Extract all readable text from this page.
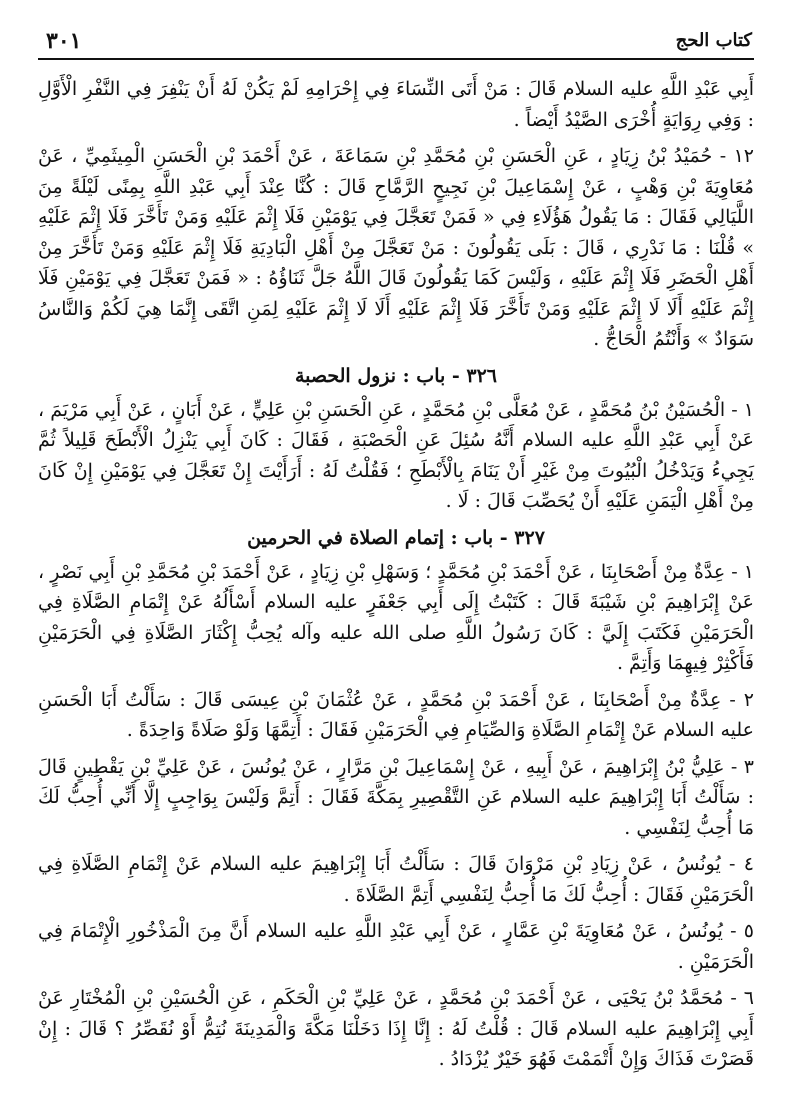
كتاب الحج
٣٠١

أَبِي عَبْدِ اللَّهِ عليه السلام قَالَ : مَنْ أَتَى النِّسَاءَ فِي إِحْرَامِهِ لَمْ يَكُنْ لَهُ أَنْ يَنْفِرَ فِي النَّفْرِ الْأَوَّلِ : وَفِي رِوَايَةٍ أُخْرَى الصَّيْدُ أَيْضاً .

١٢ - حُمَيْدُ بْنُ زِيَادٍ ، عَنِ الْحَسَنِ بْنِ مُحَمَّدِ بْنِ سَمَاعَةَ ، عَنْ أَحْمَدَ بْنِ الْحَسَنِ الْمِيثَمِيِّ ، عَنْ مُعَاوِيَةَ بْنِ وَهْبٍ ، عَنْ إِسْمَاعِيلَ بْنِ نَجِيحٍ الرَّمَّاحِ قَالَ : كُنَّا عِنْدَ أَبِي عَبْدِ اللَّهِ بِمِنًى لَيْلَةً مِنَ اللَّيَالِي فَقَالَ : مَا يَقُولُ هَؤُلَاءِ فِي « فَمَنْ تَعَجَّلَ فِي يَوْمَيْنِ فَلَا إِثْمَ عَلَيْهِ وَمَنْ تَأَخَّرَ فَلَا إِثْمَ عَلَيْهِ » قُلْنَا : مَا نَدْرِي ، قَالَ : بَلَى يَقُولُونَ : مَنْ تَعَجَّلَ مِنْ أَهْلِ الْبَادِيَةِ فَلَا إِثْمَ عَلَيْهِ وَمَنْ تَأَخَّرَ مِنْ أَهْلِ الْحَضَرِ فَلَا إِثْمَ عَلَيْهِ ، وَلَيْسَ كَمَا يَقُولُونَ قَالَ اللَّهُ جَلَّ ثَنَاؤُهُ : « فَمَنْ تَعَجَّلَ فِي يَوْمَيْنِ فَلَا إِثْمَ عَلَيْهِ أَلَا لَا إِثْمَ عَلَيْهِ وَمَنْ تَأَخَّرَ فَلَا إِثْمَ عَلَيْهِ أَلَا لَا إِثْمَ عَلَيْهِ لِمَنِ اتَّقَى إِنَّمَا هِيَ لَكُمْ وَالنَّاسُ سَوَادٌ » وَأَنْتُمُ الْحَاجُّ .

٣٢٦ - باب : نزول الحصبة

١ - الْحُسَيْنُ بْنُ مُحَمَّدٍ ، عَنْ مُعَلَّى بْنِ مُحَمَّدٍ ، عَنِ الْحَسَنِ بْنِ عَلِيٍّ ، عَنْ أَبَانٍ ، عَنْ أَبِي مَرْيَمَ ، عَنْ أَبِي عَبْدِ اللَّهِ عليه السلام أَنَّهُ سُئِلَ عَنِ الْحَصْبَةِ ، فَقَالَ : كَانَ أَبِي يَنْزِلُ الْأَبْطَحَ قَلِيلاً ثُمَّ يَجِيءُ وَيَدْخُلُ الْبُيُوتَ مِنْ غَيْرِ أَنْ يَنَامَ بِالْأَبْطَحِ ؛ فَقُلْتُ لَهُ : أَرَأَيْتَ إِنْ تَعَجَّلَ فِي يَوْمَيْنِ إِنْ كَانَ مِنْ أَهْلِ الْيَمَنِ عَلَيْهِ أَنْ يُحَصِّبَ قَالَ : لَا .

٣٢٧ - باب : إتمام الصلاة في الحرمين

١ - عِدَّةٌ مِنْ أَصْحَابِنَا ، عَنْ أَحْمَدَ بْنِ مُحَمَّدٍ ؛ وَسَهْلِ بْنِ زِيَادٍ ، عَنْ أَحْمَدَ بْنِ مُحَمَّدِ بْنِ أَبِي نَصْرٍ ، عَنْ إِبْرَاهِيمَ بْنِ شَيْبَةَ قَالَ : كَتَبْتُ إِلَى أَبِي جَعْفَرٍ عليه السلام أَسْأَلُهُ عَنْ إِتْمَامِ الصَّلَاةِ فِي الْحَرَمَيْنِ فَكَتَبَ إِلَيَّ : كَانَ رَسُولُ اللَّهِ صلى الله عليه وآله يُحِبُّ إِكْثَارَ الصَّلَاةِ فِي الْحَرَمَيْنِ فَأَكْثِرْ فِيهِمَا وَأَتِمَّ .

٢ - عِدَّةٌ مِنْ أَصْحَابِنَا ، عَنْ أَحْمَدَ بْنِ مُحَمَّدٍ ، عَنْ عُثْمَانَ بْنِ عِيسَى قَالَ : سَأَلْتُ أَبَا الْحَسَنِ عليه السلام عَنْ إِتْمَامِ الصَّلَاةِ وَالصِّيَامِ فِي الْحَرَمَيْنِ فَقَالَ : أَتِمَّهَا وَلَوْ صَلَاةً وَاحِدَةً .

٣ - عَلِيُّ بْنُ إِبْرَاهِيمَ ، عَنْ أَبِيهِ ، عَنْ إِسْمَاعِيلَ بْنِ مَرَّارٍ ، عَنْ يُونُسَ ، عَنْ عَلِيِّ بْنِ يَقْطِينٍ قَالَ : سَأَلْتُ أَبَا إِبْرَاهِيمَ عليه السلام عَنِ التَّقْصِيرِ بِمَكَّةَ فَقَالَ : أَتِمَّ وَلَيْسَ بِوَاجِبٍ إِلَّا أَنِّي أُحِبُّ لَكَ مَا أُحِبُّ لِنَفْسِي .

٤ - يُونُسُ ، عَنْ زِيَادِ بْنِ مَرْوَانَ قَالَ : سَأَلْتُ أَبَا إِبْرَاهِيمَ عليه السلام عَنْ إِتْمَامِ الصَّلَاةِ فِي الْحَرَمَيْنِ فَقَالَ : أُحِبُّ لَكَ مَا أُحِبُّ لِنَفْسِي أَتِمَّ الصَّلَاةَ .

٥ - يُونُسُ ، عَنْ مُعَاوِيَةَ بْنِ عَمَّارٍ ، عَنْ أَبِي عَبْدِ اللَّهِ عليه السلام أَنَّ مِنَ الْمَذْخُورِ الْإِتْمَامَ فِي الْحَرَمَيْنِ .

٦ - مُحَمَّدُ بْنُ يَحْيَى ، عَنْ أَحْمَدَ بْنِ مُحَمَّدٍ ، عَنْ عَلِيِّ بْنِ الْحَكَمِ ، عَنِ الْحُسَيْنِ بْنِ الْمُخْتَارِ عَنْ أَبِي إِبْرَاهِيمَ عليه السلام قَالَ : قُلْتُ لَهُ : إِنَّا إِذَا دَخَلْنَا مَكَّةَ وَالْمَدِينَةَ نُتِمُّ أَوْ نُقَصِّرُ ؟ قَالَ : إِنْ قَصَرْتَ فَذَاكَ وَإِنْ أَتْمَمْتَ فَهُوَ خَيْرٌ يُزْدَادُ .
